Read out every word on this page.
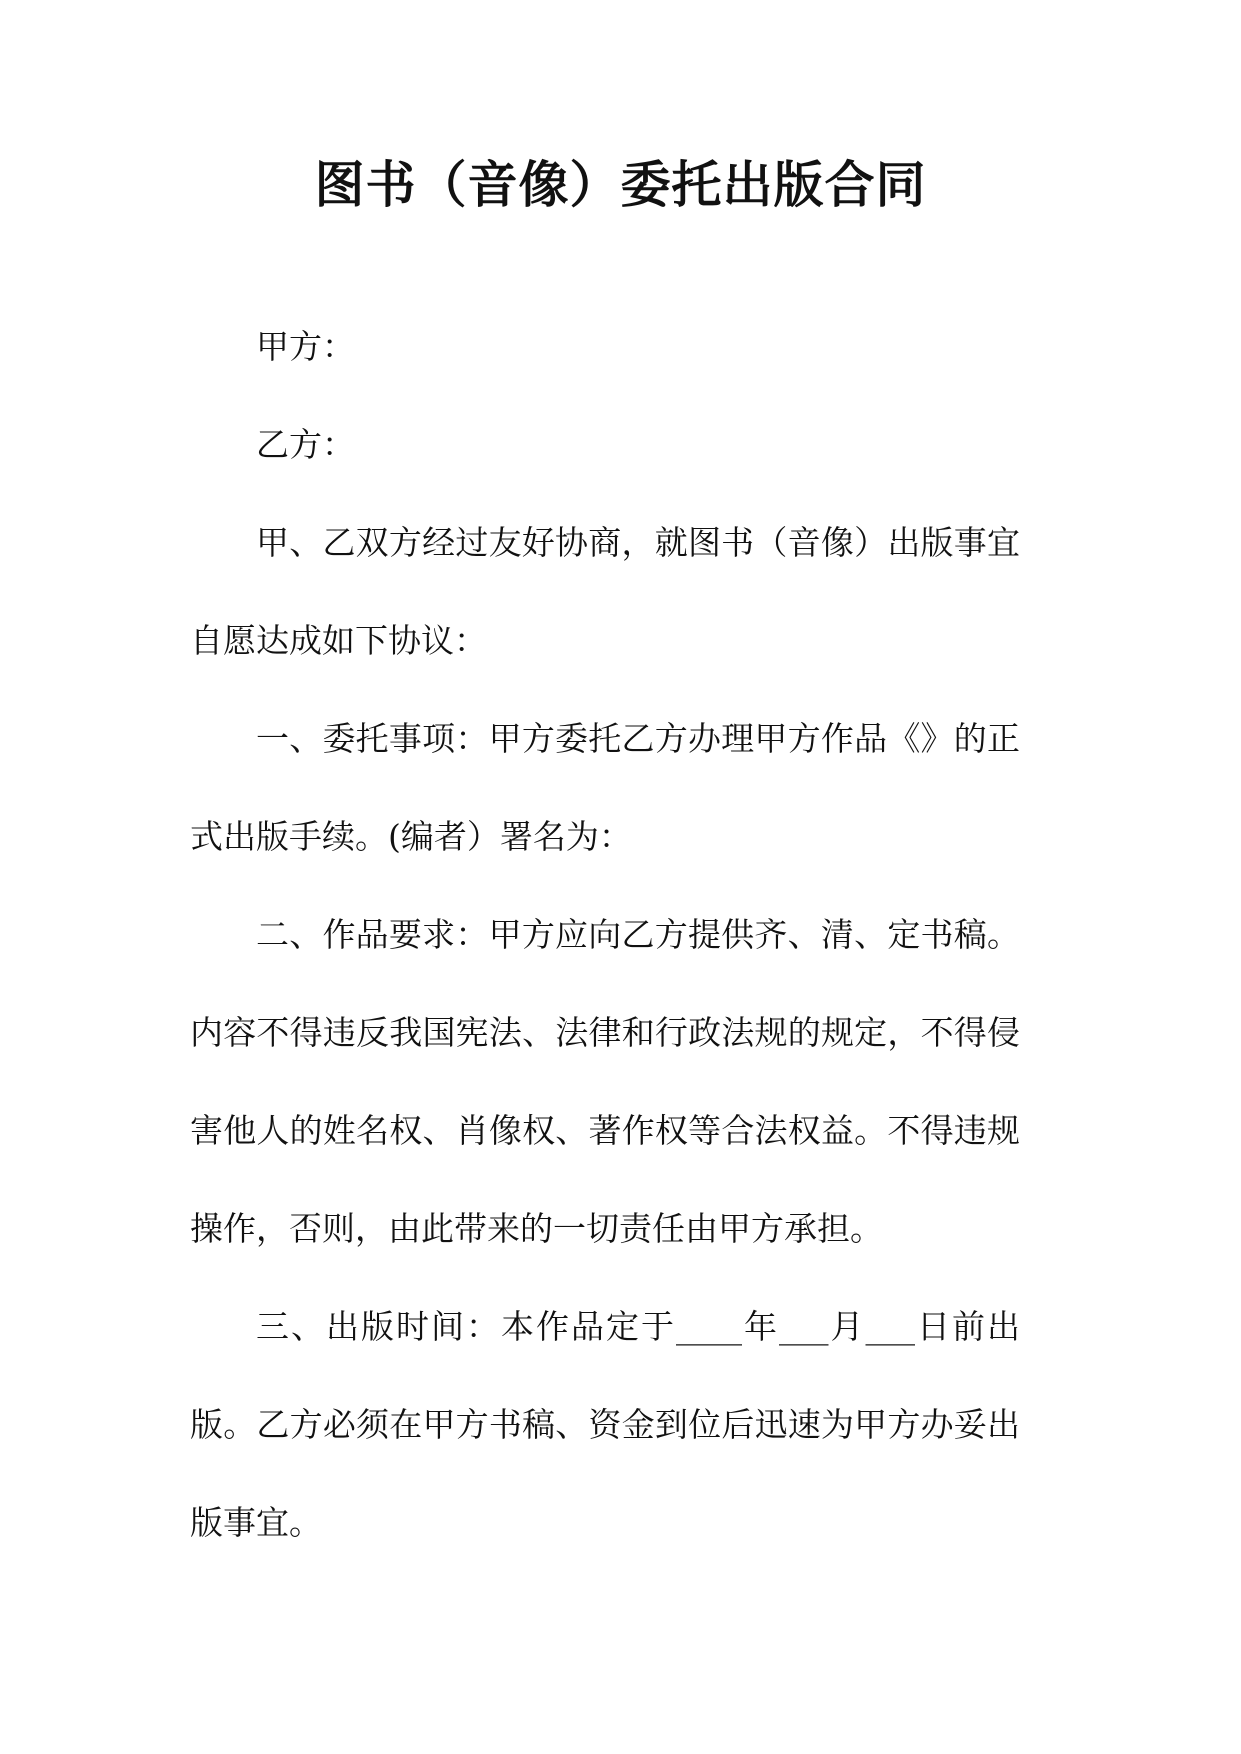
图书（音像）委托出版合同

甲方：

乙方：

甲、乙双方经过友好协商，就图书（音像）出版事宜自愿达成如下协议：

一、委托事项：甲方委托乙方办理甲方作品《》的正式出版手续。(编者）署名为：

二、作品要求：甲方应向乙方提供齐、清、定书稿。内容不得违反我国宪法、法律和行政法规的规定，不得侵害他人的姓名权、肖像权、著作权等合法权益。不得违规操作，否则，由此带来的一切责任由甲方承担。

三、出版时间：本作品定于____年___月___日前出版。乙方必须在甲方书稿、资金到位后迅速为甲方办妥出版事宜。
